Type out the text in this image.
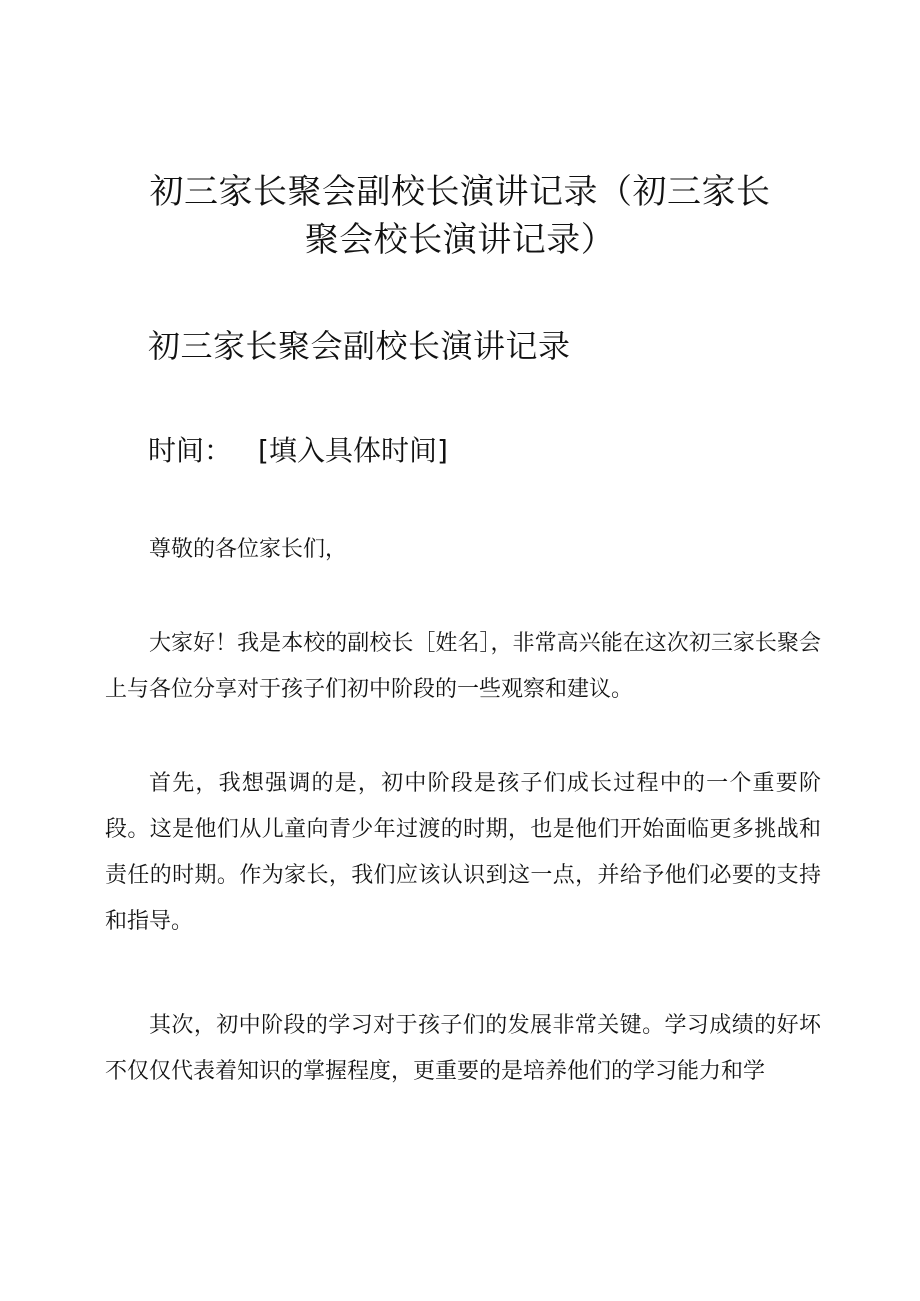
初三家长聚会副校长演讲记录（初三家长
聚会校长演讲记录）
初三家长聚会副校长演讲记录
时间： [填入具体时间]

尊敬的各位家长们，

大家好！我是本校的副校长［姓名］，非常高兴能在这次初三家长聚会上与各位分享对于孩子们初中阶段的一些观察和建议。

首先，我想强调的是，初中阶段是孩子们成长过程中的一个重要阶段。这是他们从儿童向青少年过渡的时期，也是他们开始面临更多挑战和责任的时期。作为家长，我们应该认识到这一点，并给予他们必要的支持和指导。

其次，初中阶段的学习对于孩子们的发展非常关键。学习成绩的好坏不仅仅代表着知识的掌握程度，更重要的是培养他们的学习能力和学
